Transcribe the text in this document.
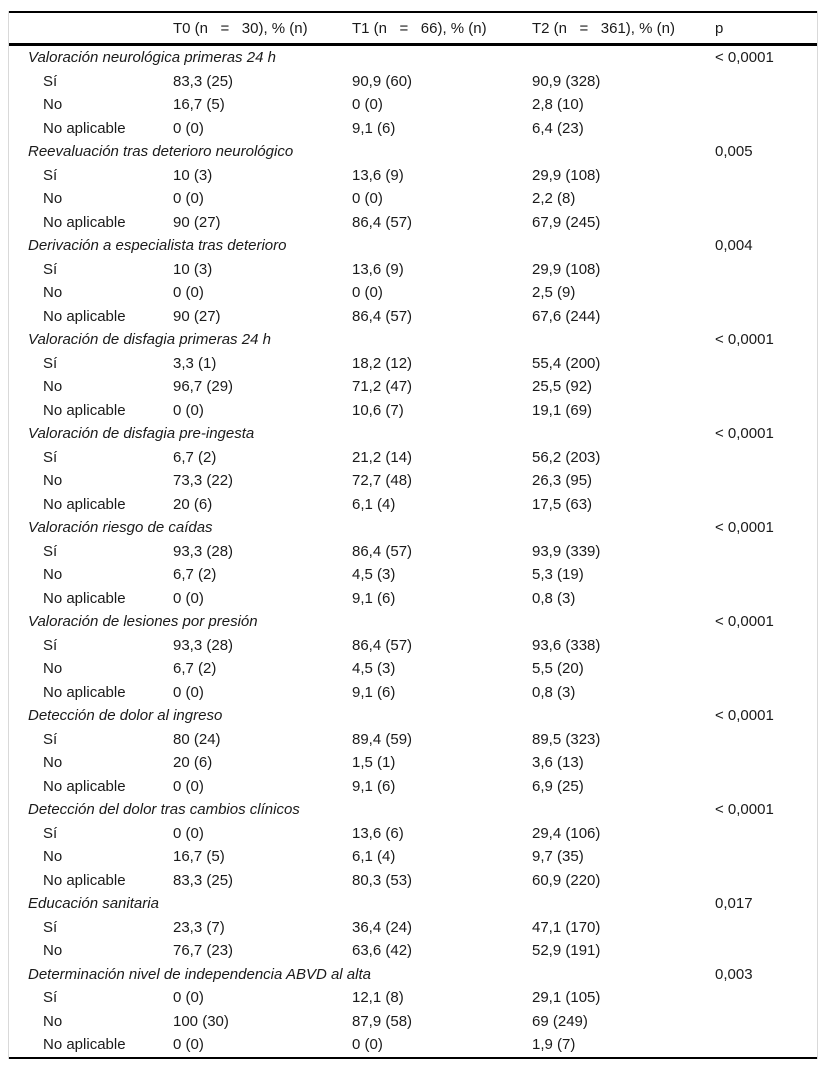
	T0 (n   =   30), % (n)	T1 (n   =   66), % (n)	T2 (n   =   361), % (n)	p
Valoración neurológica primeras 24 h				< 0,0001
Sí	83,3 (25)	90,9 (60)	90,9 (328)	
No	16,7 (5)	0 (0)	2,8 (10)	
No aplicable	0 (0)	9,1 (6)	6,4 (23)	
Reevaluación tras deterioro neurológico				0,005
Sí	10 (3)	13,6 (9)	29,9 (108)	
No	0 (0)	0 (0)	2,2 (8)	
No aplicable	90 (27)	86,4 (57)	67,9 (245)	
Derivación a especialista tras deterioro				0,004
Sí	10 (3)	13,6 (9)	29,9 (108)	
No	0 (0)	0 (0)	2,5 (9)	
No aplicable	90 (27)	86,4 (57)	67,6 (244)	
Valoración de disfagia primeras 24 h				< 0,0001
Sí	3,3 (1)	18,2 (12)	55,4 (200)	
No	96,7 (29)	71,2 (47)	25,5 (92)	
No aplicable	0 (0)	10,6 (7)	19,1 (69)	
Valoración de disfagia pre-ingesta				< 0,0001
Sí	6,7 (2)	21,2 (14)	56,2 (203)	
No	73,3 (22)	72,7 (48)	26,3 (95)	
No aplicable	20 (6)	6,1 (4)	17,5 (63)	
Valoración riesgo de caídas				< 0,0001
Sí	93,3 (28)	86,4 (57)	93,9 (339)	
No	6,7 (2)	4,5 (3)	5,3 (19)	
No aplicable	0 (0)	9,1 (6)	0,8 (3)	
Valoración de lesiones por presión				< 0,0001
Sí	93,3 (28)	86,4 (57)	93,6 (338)	
No	6,7 (2)	4,5 (3)	5,5 (20)	
No aplicable	0 (0)	9,1 (6)	0,8 (3)	
Detección de dolor al ingreso				< 0,0001
Sí	80 (24)	89,4 (59)	89,5 (323)	
No	20 (6)	1,5 (1)	3,6 (13)	
No aplicable	0 (0)	9,1 (6)	6,9 (25)	
Detección del dolor tras cambios clínicos				< 0,0001
Sí	0 (0)	13,6 (6)	29,4 (106)	
No	16,7 (5)	6,1 (4)	9,7 (35)	
No aplicable	83,3 (25)	80,3 (53)	60,9 (220)	
Educación sanitaria				0,017
Sí	23,3 (7)	36,4 (24)	47,1 (170)	
No	76,7 (23)	63,6 (42)	52,9 (191)	
Determinación nivel de independencia ABVD al alta				0,003
Sí	0 (0)	12,1 (8)	29,1 (105)	
No	100 (30)	87,9 (58)	69 (249)	
No aplicable	0 (0)	0 (0)	1,9 (7)	
